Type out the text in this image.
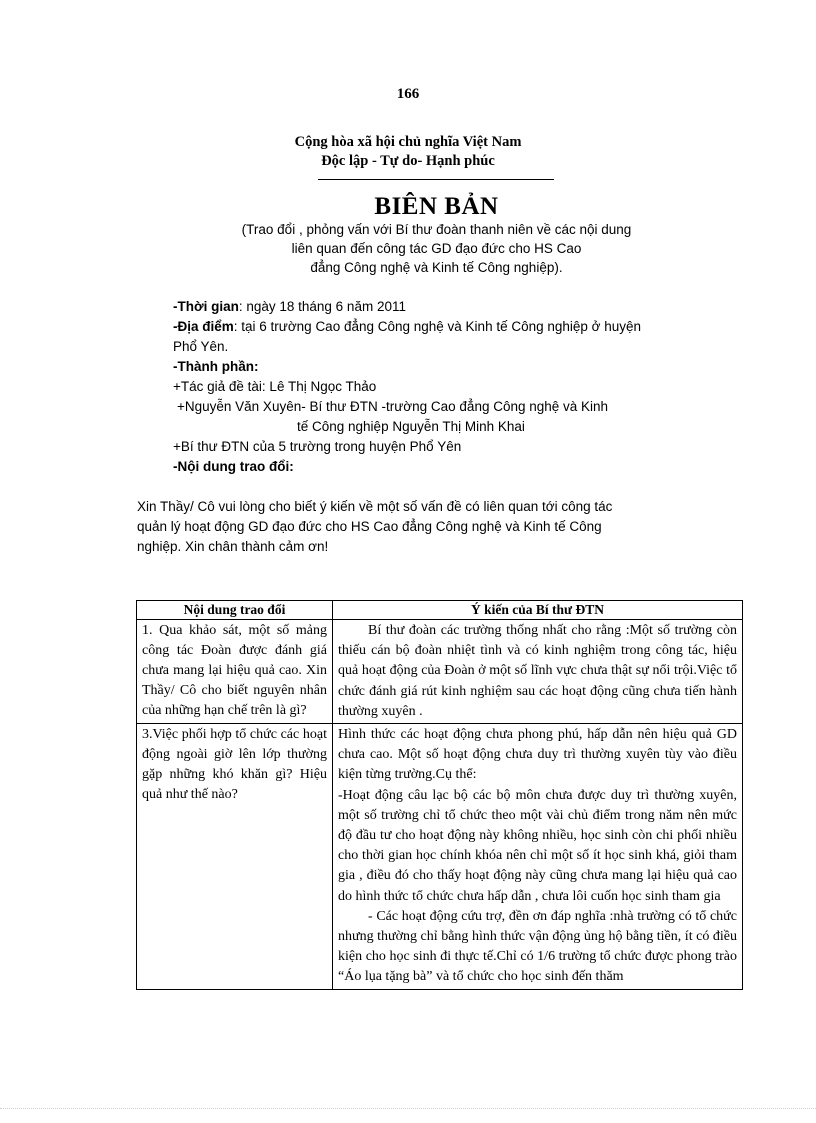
166
Cộng hòa xã hội chủ nghĩa Việt Nam
Độc lập - Tự do- Hạnh phúc
BIÊN BẢN
(Trao đổi , phỏng vấn với Bí thư đoàn thanh niên về các nội dung
liên quan đến công tác GD đạo đức cho HS Cao
đẳng Công nghệ và Kinh tế Công nghiệp).
-Thời gian: ngày 18 tháng 6 năm 2011
-Địa điểm: tại 6 trường Cao đẳng Công nghệ và Kinh tế Công nghiệp ở huyện
Phổ Yên.
-Thành phần:
+Tác giả đề tài: Lê Thị Ngọc Thảo
+Nguyễn Văn Xuyên- Bí thư ĐTN -trường Cao đẳng Công nghệ và Kinh
tế Công nghiệp Nguyễn Thị Minh Khai
+Bí thư ĐTN của 5 trường trong huyện Phổ Yên
-Nội dung trao đổi:
Xin Thầy/ Cô vui lòng cho biết ý kiến về một số vấn đề có liên quan tới công tác
quản lý hoạt động GD đạo đức cho HS Cao đẳng Công nghệ và Kinh tế Công
nghiệp. Xin chân thành cảm ơn!
Nội dung trao đổi	Ý kiến của Bí thư ĐTN
1. Qua khảo sát, một số mảng công tác Đoàn được đánh giá chưa mang lại hiệu quả cao. Xin Thầy/ Cô cho biết nguyên nhân của những hạn chế trên là gì?	Bí thư đoàn các trường thống nhất cho rằng :Một số trường còn thiếu cán bộ đoàn nhiệt tình và có kinh nghiệm trong công tác, hiệu quả hoạt động của Đoàn ở một số lĩnh vực chưa thật sự nổi trội.Việc tổ chức đánh giá rút kinh nghiệm sau các hoạt động cũng chưa tiến hành thường xuyên .

3.Việc phối hợp tổ chức các hoạt động ngoài giờ lên lớp thường gặp những khó khăn gì? Hiệu quả như thế nào?	Hình thức các hoạt động chưa phong phú, hấp dẫn nên hiệu quả GD chưa cao. Một số hoạt động chưa duy trì thường xuyên tùy vào điều kiện từng trường.Cụ thể:

-Hoạt động câu lạc bộ các bộ môn chưa được duy trì thường xuyên, một số trường chỉ tổ chức theo một vài chủ điểm trong năm nên mức độ đầu tư cho hoạt động này không nhiều, học sinh còn chi phối nhiều cho thời gian học chính khóa nên chỉ một số ít học sinh khá, giỏi tham gia , điều đó cho thấy hoạt động này cũng chưa mang lại hiệu quả cao do hình thức tổ chức chưa hấp dẫn , chưa lôi cuốn học sinh tham gia

- Các hoạt động cứu trợ, đền ơn đáp nghĩa :nhà trường có tổ chức nhưng thường chỉ bằng hình thức vận động ủng hộ bằng tiền, ít có điều kiện cho học sinh đi thực tế.Chỉ có 1/6 trường tổ chức được phong trào “Áo lụa tặng bà” và tổ chức cho học sinh đến thăm
